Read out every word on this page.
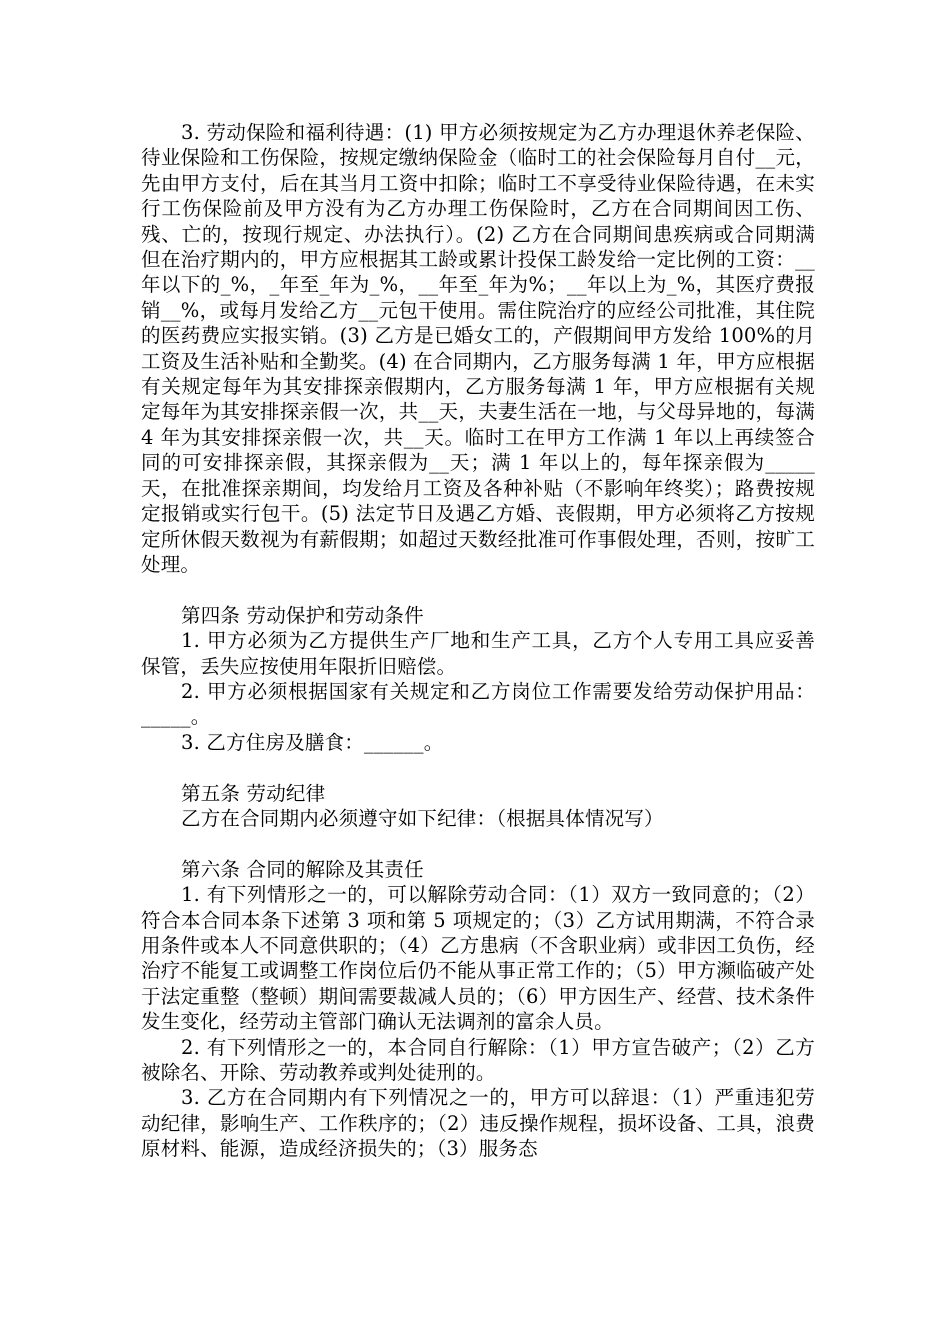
3. 劳动保险和福利待遇：(1) 甲方必须按规定为乙方办理退休养老保险、待业保险和工伤保险，按规定缴纳保险金（临时工的社会保险每月自付__元，先由甲方支付，后在其当月工资中扣除；临时工不享受待业保险待遇，在未实行工伤保险前及甲方没有为乙方办理工伤保险时，乙方在合同期间因工伤、残、亡的，按现行规定、办法执行）。(2) 乙方在合同期间患疾病或合同期满但在治疗期内的，甲方应根据其工龄或累计投保工龄发给一定比例的工资：__年以下的_%，_年至_年为_%，__年至_年为%；__年以上为_%，其医疗费报销__%，或每月发给乙方__元包干使用。需住院治疗的应经公司批准，其住院的医药费应实报实销。(3) 乙方是已婚女工的，产假期间甲方发给 100%的月工资及生活补贴和全勤奖。(4) 在合同期内，乙方服务每满 1 年，甲方应根据有关规定每年为其安排探亲假期内，乙方服务每满 1 年，甲方应根据有关规定每年为其安排探亲假一次，共__天，夫妻生活在一地，与父母异地的，每满 4 年为其安排探亲假一次，共__天。临时工在甲方工作满 1 年以上再续签合同的可安排探亲假，其探亲假为__天；满 1 年以上的，每年探亲假为_____天，在批准探亲期间，均发给月工资及各种补贴（不影响年终奖）；路费按规定报销或实行包干。(5) 法定节日及遇乙方婚、丧假期，甲方必须将乙方按规定所休假天数视为有薪假期；如超过天数经批准可作事假处理，否则，按旷工处理。

第四条 劳动保护和劳动条件

1. 甲方必须为乙方提供生产厂地和生产工具，乙方个人专用工具应妥善保管，丢失应按使用年限折旧赔偿。

2. 甲方必须根据国家有关规定和乙方岗位工作需要发给劳动保护用品：_____。

3. 乙方住房及膳食：______。

第五条 劳动纪律

乙方在合同期内必须遵守如下纪律：（根据具体情况写）

第六条 合同的解除及其责任

1. 有下列情形之一的，可以解除劳动合同：（1）双方一致同意的；（2）符合本合同本条下述第 3 项和第 5 项规定的；（3）乙方试用期满，不符合录用条件或本人不同意供职的；（4）乙方患病（不含职业病）或非因工负伤，经治疗不能复工或调整工作岗位后仍不能从事正常工作的；（5）甲方濒临破产处于法定重整（整顿）期间需要裁减人员的；（6）甲方因生产、经营、技术条件发生变化，经劳动主管部门确认无法调剂的富余人员。

2. 有下列情形之一的，本合同自行解除：（1）甲方宣告破产；（2）乙方被除名、开除、劳动教养或判处徒刑的。

3. 乙方在合同期内有下列情况之一的，甲方可以辞退：（1）严重违犯劳动纪律，影响生产、工作秩序的；（2）违反操作规程，损坏设备、工具，浪费原材料、能源，造成经济损失的；（3）服务态
